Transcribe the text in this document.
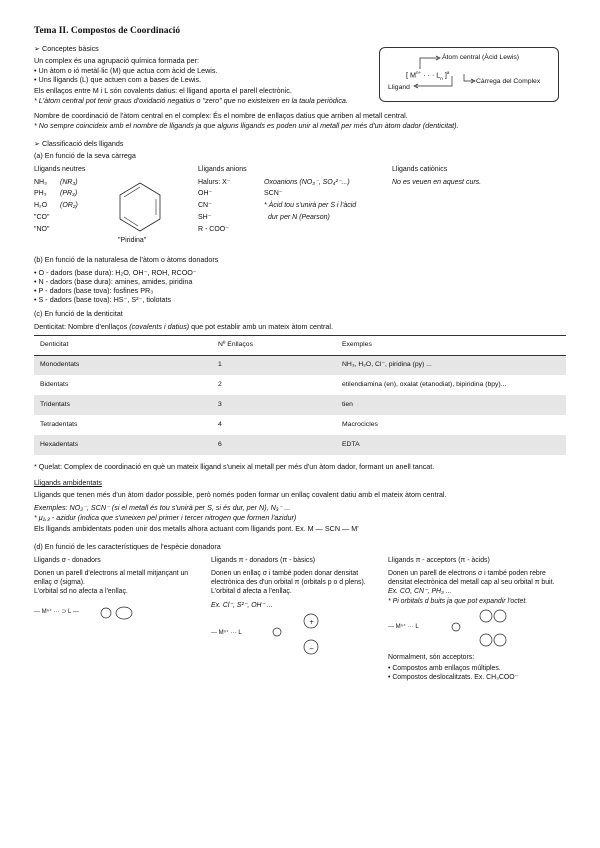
Tema II. Compostos de Coordinació
Àtom central (Àcid Lewis)
[ $M^{n+}$ · · · $L_n$ ]$^a$
Lligand
Càrrega del Complex
➢ Conceptes bàsics

Un complex és una agrupació química formada per:

• Un àtom o ió metàl·lic (M) que actua com àcid de Lewis.
• Uns lligands (L) que actuen com a bases de Lewis.

Els enllaços entre M i L són covalents datius: el lligand aporta el parell electrònic.

* L'àtom central pot tenir graus d'oxidació negatius o "zero" que no existeixen en la taula periòdica.

Nombre de coordinació de l'àtom central en el complex: És el nombre de enllaços datius que arriben al metall central.

* No sempre coincideix amb el nombre de lligands ja que alguns lligands es poden unir al metall per més d'un àtom dador (denticitat).

➢ Classificació dels lligands
(a) En funció de la seva càrrega
Lligands neutres
NH₃	(NR₃)
PH₃	(PR₃)
H₂O	(OR₂)
"CO"
"NO"
"Piridina"
Lligands anions
Halurs: X⁻
OH⁻
CN⁻
SH⁻
R - COO⁻
Oxoanions (NO₃⁻, SO₄²⁻...)
SCN⁻
* Àcid tou s'unirà per S i l'àcid
dur per N (Pearson)
Lligands catiònics
No es veuen en aquest curs.
(b) En funció de la naturalesa de l'àtom o àtoms donadors
• O - dadors (base dura): H₂O, OH⁻, ROH, RCOO⁻
• N - dadors (base dura): amines, amides, piridina
• P - dadors (base tova): fosfines PR₃
• S - dadors (base tova): HS⁻, S²⁻, tiolotats
(c) En funció de la denticitat

Denticitat: Nombre d'enllaços (covalents i datius) que pot establir amb un mateix àtom central.

Denticitat	Nº Enllaços	Exemples
Monodentats	1	NH₃, H₂O, Cl⁻, piridina (py) ...
Bidentats	2	etilendiamina (en), oxalat (etanodiat), bipiridina (bpy)...
Tridentats	3	tien
Tetradentats	4	Macrocicles
Hexadentats	6	EDTA

* Quelat: Complex de coordinació en què un mateix lligand s'uneix al metall per més d'un àtom dador, formant un anell tancat.

Lligands ambidentats

Lligands que tenen més d'un àtom dador possible, però només poden formar un enllaç covalent datiu amb el mateix àtom central.

Exemples: NO₂⁻, SCN⁻ (si el metall és tou s'unirà per S, si és dur, per N), N₃⁻ ...

* μ₁,₃ - azidur (indica que s'uneixen pel primer i tercer nitrogen que formen l'azidur)

Els lligands ambidentats poden unir dos metalls alhora actuant com lligands pont. Ex. M — SCN — M'

(d) En funció de les característiques de l'espècie donadora
Lligands σ - donadors

Donen un parell d'electrons al metall mitjançant un enllaç σ (sigma).

L'orbital sd no afecta a l'enllaç.

--- Mⁿ⁺ ··· ⊃ L ---
Lligands π - donadors (π - bàsics)

Donen un enllaç σ i també poden donar densitat electrònica des d'un orbital π (orbitals p o d plens).

L'orbital d afecta a l'enllaç.

Ex. Cl⁻, S²⁻, OH⁻ ...

--- Mⁿ⁺ ··· L
+
−
Lligands π - acceptors (π - àcids)

Donen un parell de electrons σ i també poden rebre densitat electrònica del metall cap al seu orbital π buit.

Ex. CO, CN⁻, PH₃ ...

* Pi orbitals d buits ja que pot expandir l'octet.

--- Mⁿ⁺ ··· L

Normalment, són acceptors:

• Compostos amb enllaços múltiples.
• Compostos deslocalitzats. Ex. CH₃COO⁻
